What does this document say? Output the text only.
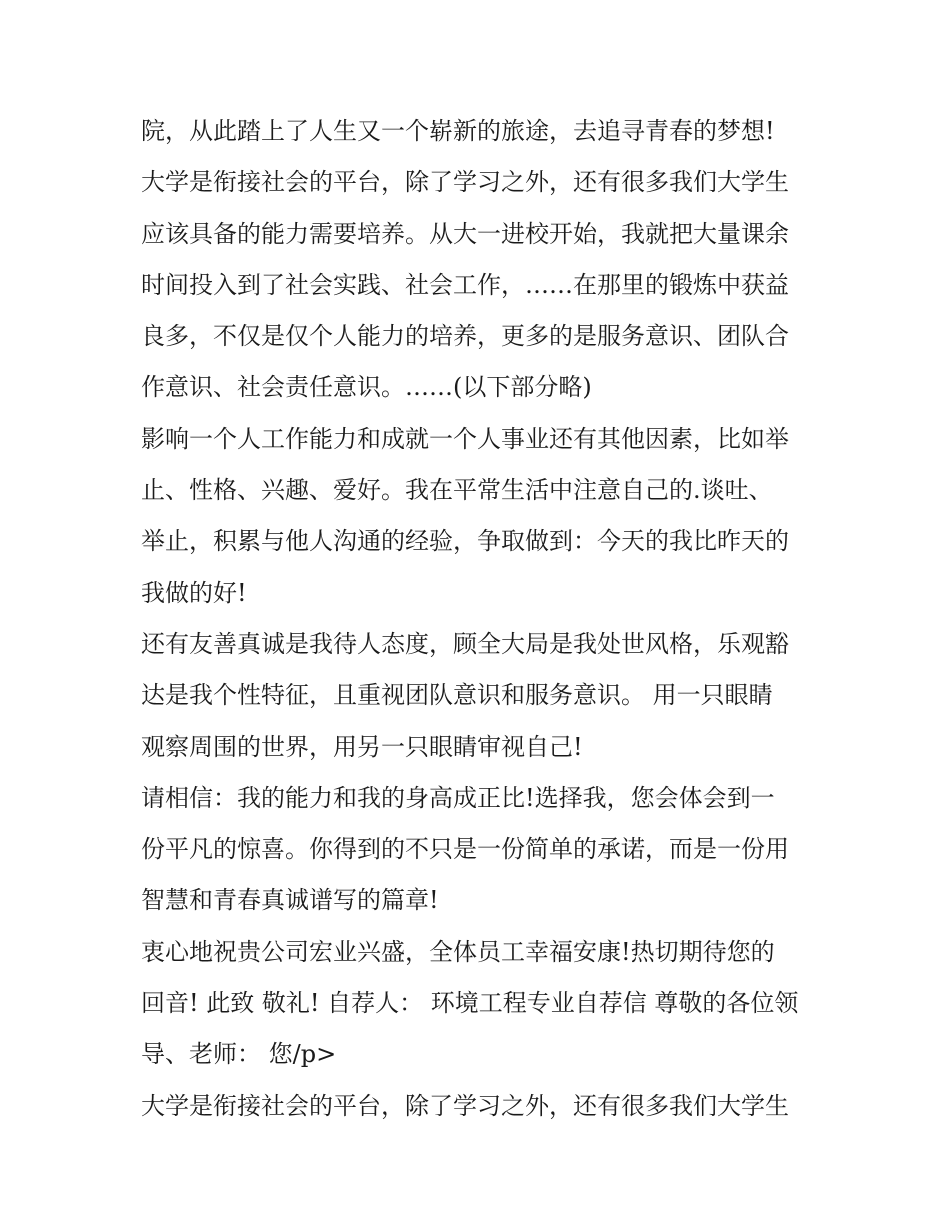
院，从此踏上了人生又一个崭新的旅途，去追寻青春的梦想!
大学是衔接社会的平台，除了学习之外，还有很多我们大学生
应该具备的能力需要培养。从大一进校开始，我就把大量课余
时间投入到了社会实践、社会工作，……在那里的锻炼中获益
良多，不仅是仅个人能力的培养，更多的是服务意识、团队合
作意识、社会责任意识。……(以下部分略)
影响一个人工作能力和成就一个人事业还有其他因素，比如举
止、性格、兴趣、爱好。我在平常生活中注意自己的.谈吐、
举止，积累与他人沟通的经验，争取做到：今天的我比昨天的
我做的好!
还有友善真诚是我待人态度，顾全大局是我处世风格，乐观豁
达是我个性特征，且重视团队意识和服务意识。 用一只眼睛
观察周围的世界，用另一只眼睛审视自己!
请相信：我的能力和我的身高成正比!选择我，您会体会到一
份平凡的惊喜。你得到的不只是一份简单的承诺，而是一份用
智慧和青春真诚谱写的篇章!
衷心地祝贵公司宏业兴盛，全体员工幸福安康!热切期待您的
回音! 此致 敬礼! 自荐人： 环境工程专业自荐信 尊敬的各位领
导、老师： 您/p>
大学是衔接社会的平台，除了学习之外，还有很多我们大学生
